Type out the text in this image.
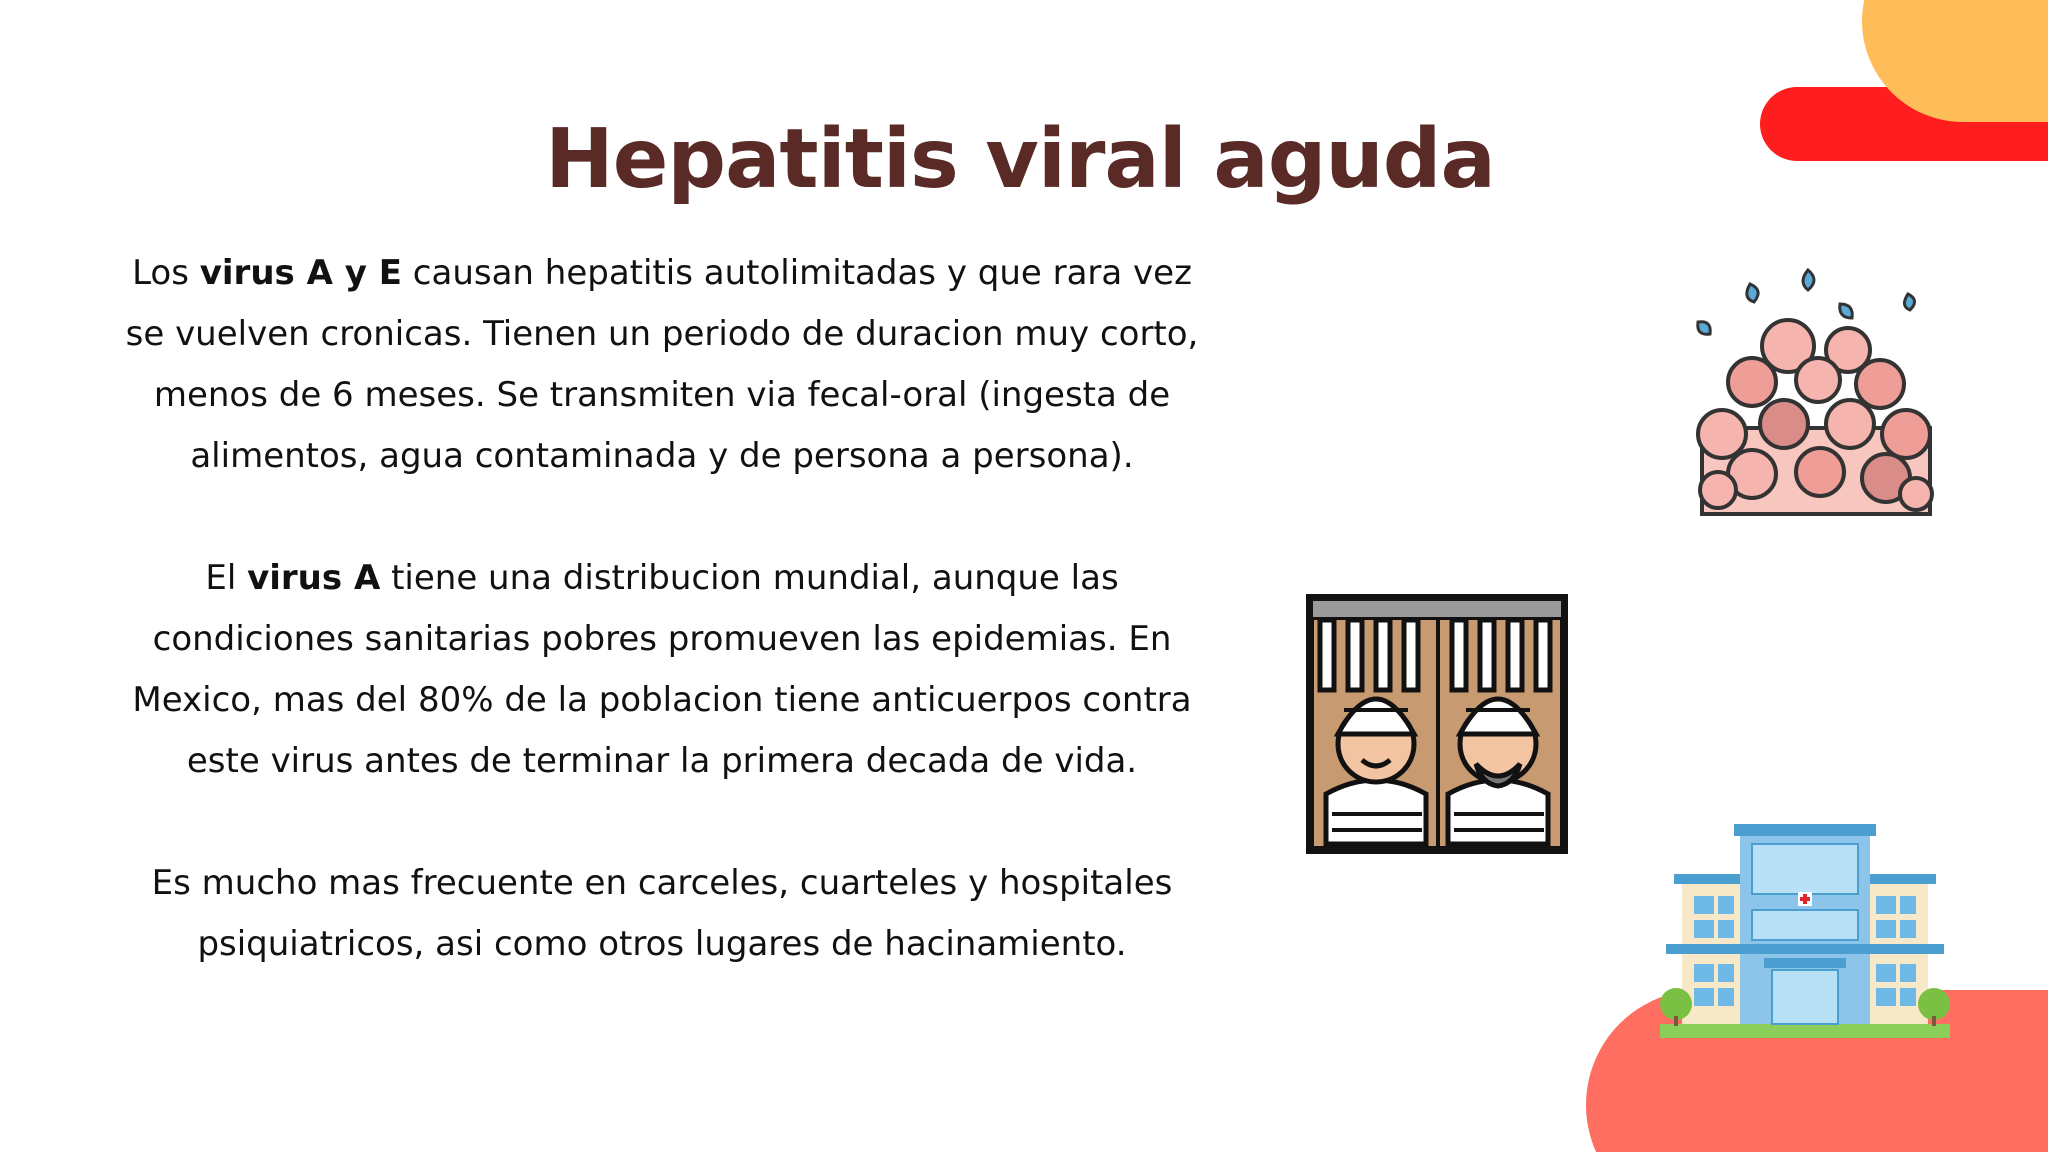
Hepatitis viral aguda

Los virus A y E causan hepatitis autolimitadas y que rara vez se vuelven cronicas. Tienen un periodo de duracion muy corto, menos de 6 meses. Se transmiten via fecal-oral (ingesta de alimentos, agua contaminada y de persona a persona).

El virus A tiene una distribucion mundial, aunque las condiciones sanitarias pobres promueven las epidemias. En Mexico, mas del 80% de la poblacion tiene anticuerpos contra este virus antes de terminar la primera decada de vida.

Es mucho mas frecuente en carceles, cuarteles y hospitales psiquiatricos, asi como otros lugares de hacinamiento.
